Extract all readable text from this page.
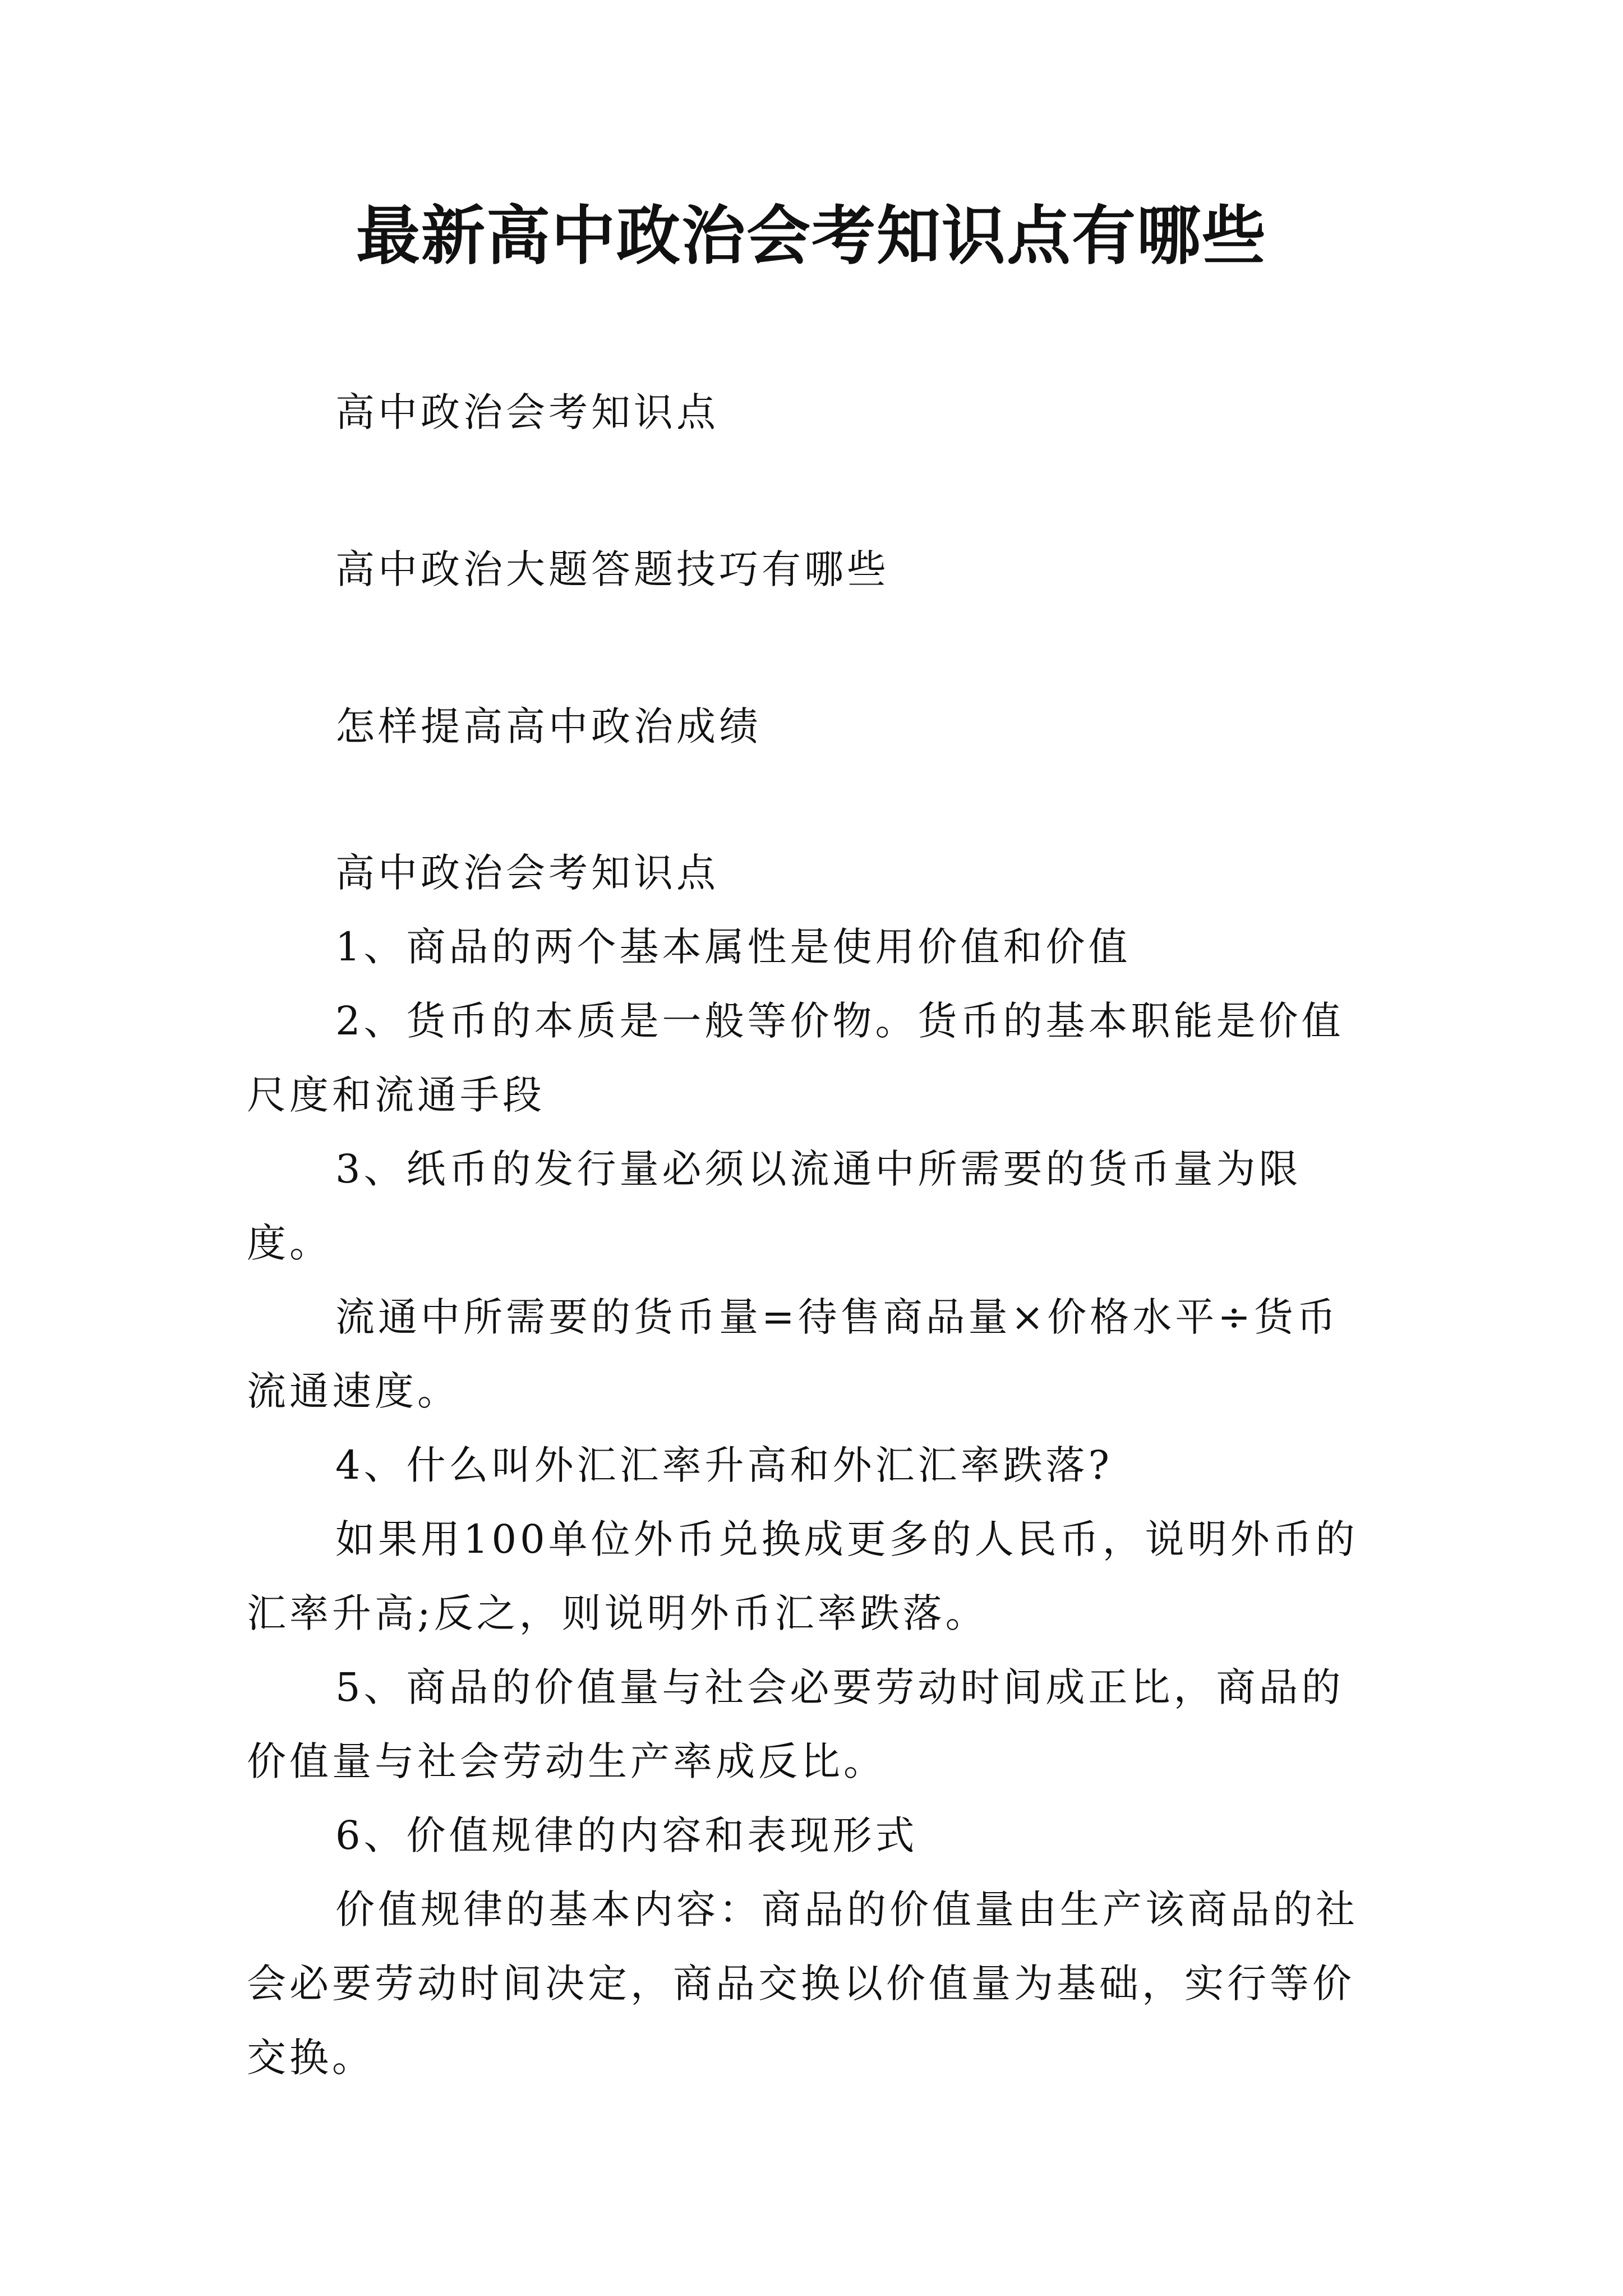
最新高中政治会考知识点有哪些
高中政治会考知识点
高中政治大题答题技巧有哪些
怎样提高高中政治成绩

高中政治会考知识点

1、商品的两个基本属性是使用价值和价值

2、货币的本质是一般等价物。货币的基本职能是价值尺度和流通手段

3、纸币的发行量必须以流通中所需要的货币量为限度。

流通中所需要的货币量=待售商品量×价格水平÷货币流通速度。

4、什么叫外汇汇率升高和外汇汇率跌落?

如果用100单位外币兑换成更多的人民币，说明外币的汇率升高;反之，则说明外币汇率跌落。

5、商品的价值量与社会必要劳动时间成正比，商品的价值量与社会劳动生产率成反比。

6、价值规律的内容和表现形式

价值规律的基本内容：商品的价值量由生产该商品的社会必要劳动时间决定，商品交换以价值量为基础，实行等价交换。
